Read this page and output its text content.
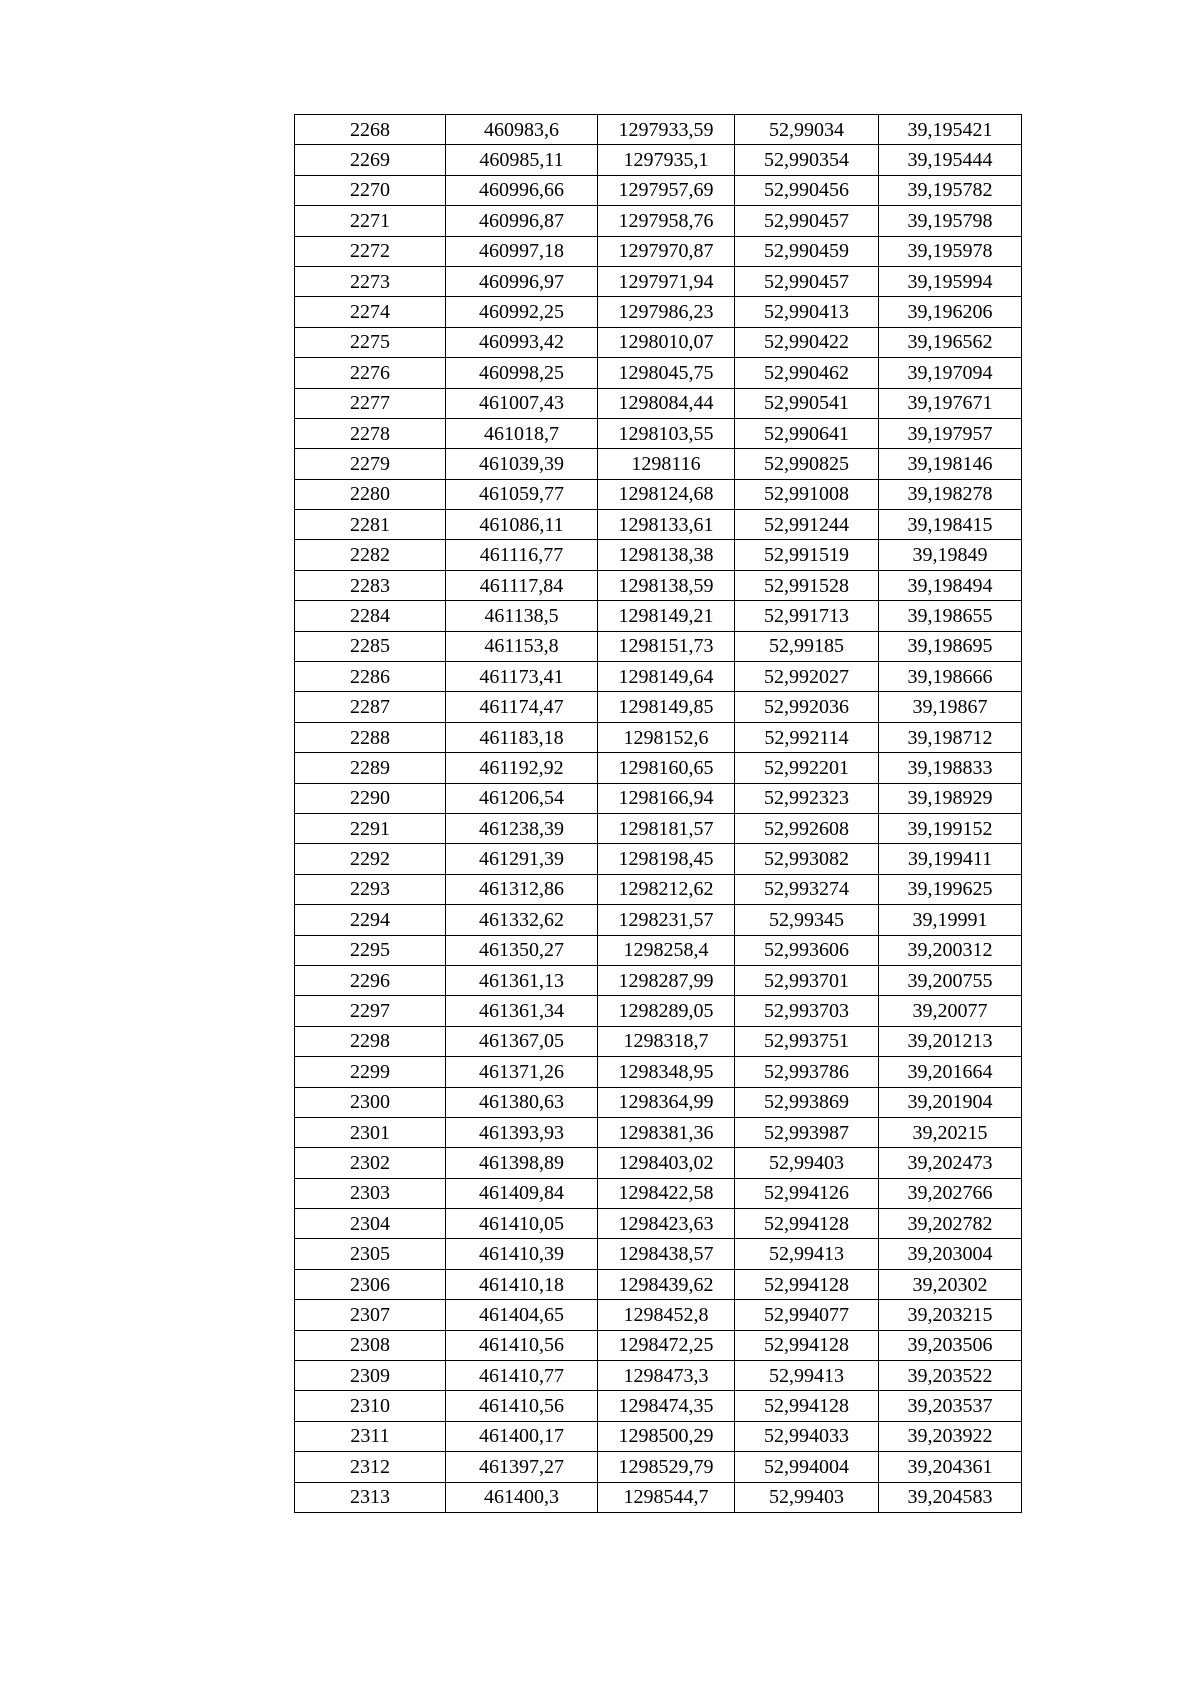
2268	460983,6	1297933,59	52,99034	39,195421
2269	460985,11	1297935,1	52,990354	39,195444
2270	460996,66	1297957,69	52,990456	39,195782
2271	460996,87	1297958,76	52,990457	39,195798
2272	460997,18	1297970,87	52,990459	39,195978
2273	460996,97	1297971,94	52,990457	39,195994
2274	460992,25	1297986,23	52,990413	39,196206
2275	460993,42	1298010,07	52,990422	39,196562
2276	460998,25	1298045,75	52,990462	39,197094
2277	461007,43	1298084,44	52,990541	39,197671
2278	461018,7	1298103,55	52,990641	39,197957
2279	461039,39	1298116	52,990825	39,198146
2280	461059,77	1298124,68	52,991008	39,198278
2281	461086,11	1298133,61	52,991244	39,198415
2282	461116,77	1298138,38	52,991519	39,19849
2283	461117,84	1298138,59	52,991528	39,198494
2284	461138,5	1298149,21	52,991713	39,198655
2285	461153,8	1298151,73	52,99185	39,198695
2286	461173,41	1298149,64	52,992027	39,198666
2287	461174,47	1298149,85	52,992036	39,19867
2288	461183,18	1298152,6	52,992114	39,198712
2289	461192,92	1298160,65	52,992201	39,198833
2290	461206,54	1298166,94	52,992323	39,198929
2291	461238,39	1298181,57	52,992608	39,199152
2292	461291,39	1298198,45	52,993082	39,199411
2293	461312,86	1298212,62	52,993274	39,199625
2294	461332,62	1298231,57	52,99345	39,19991
2295	461350,27	1298258,4	52,993606	39,200312
2296	461361,13	1298287,99	52,993701	39,200755
2297	461361,34	1298289,05	52,993703	39,20077
2298	461367,05	1298318,7	52,993751	39,201213
2299	461371,26	1298348,95	52,993786	39,201664
2300	461380,63	1298364,99	52,993869	39,201904
2301	461393,93	1298381,36	52,993987	39,20215
2302	461398,89	1298403,02	52,99403	39,202473
2303	461409,84	1298422,58	52,994126	39,202766
2304	461410,05	1298423,63	52,994128	39,202782
2305	461410,39	1298438,57	52,99413	39,203004
2306	461410,18	1298439,62	52,994128	39,20302
2307	461404,65	1298452,8	52,994077	39,203215
2308	461410,56	1298472,25	52,994128	39,203506
2309	461410,77	1298473,3	52,99413	39,203522
2310	461410,56	1298474,35	52,994128	39,203537
2311	461400,17	1298500,29	52,994033	39,203922
2312	461397,27	1298529,79	52,994004	39,204361
2313	461400,3	1298544,7	52,99403	39,204583
